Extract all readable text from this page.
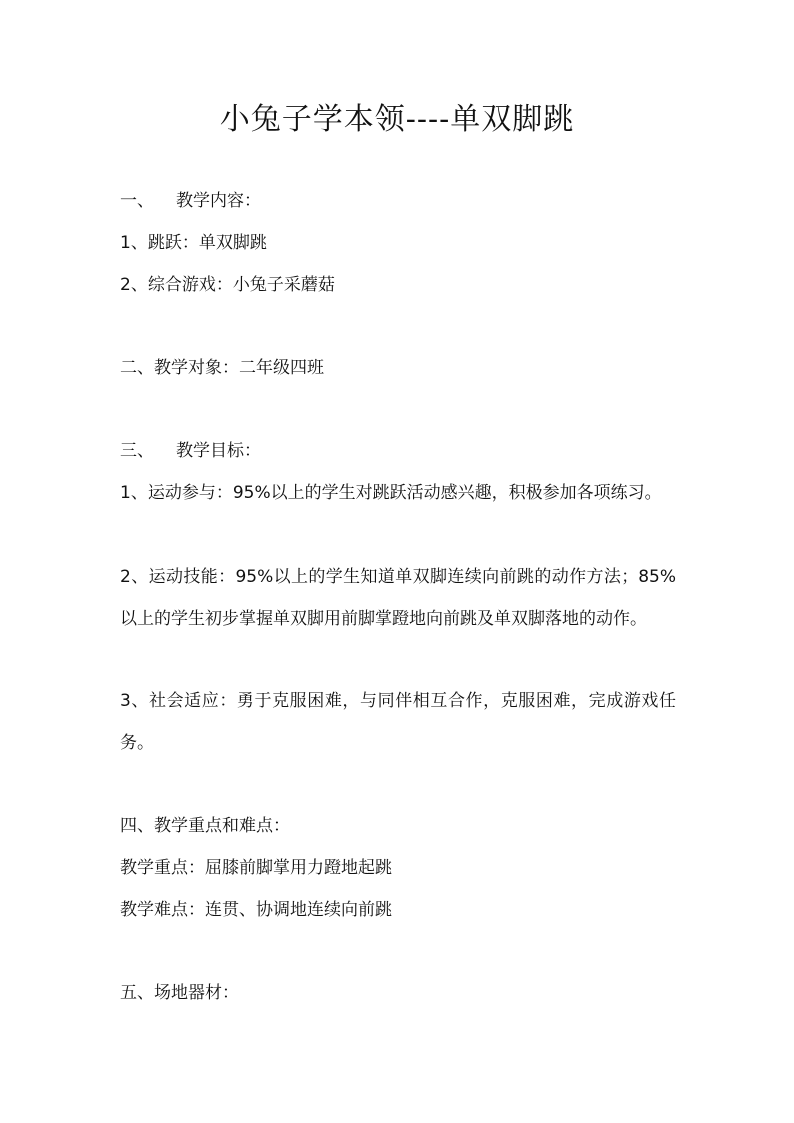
小兔子学本领----单双脚跳
一、 教学内容：
1、跳跃：单双脚跳
2、综合游戏：小兔子采蘑菇
二、教学对象：二年级四班
三、 教学目标：
1、运动参与：95%以上的学生对跳跃活动感兴趣，积极参加各项练习。
2、运动技能：95%以上的学生知道单双脚连续向前跳的动作方法；85%以上的学生初步掌握单双脚用前脚掌蹬地向前跳及单双脚落地的动作。
3、社会适应：勇于克服困难，与同伴相互合作，克服困难，完成游戏任务。
四、教学重点和难点：
教学重点：屈膝前脚掌用力蹬地起跳
教学难点：连贯、协调地连续向前跳
五、场地器材：
